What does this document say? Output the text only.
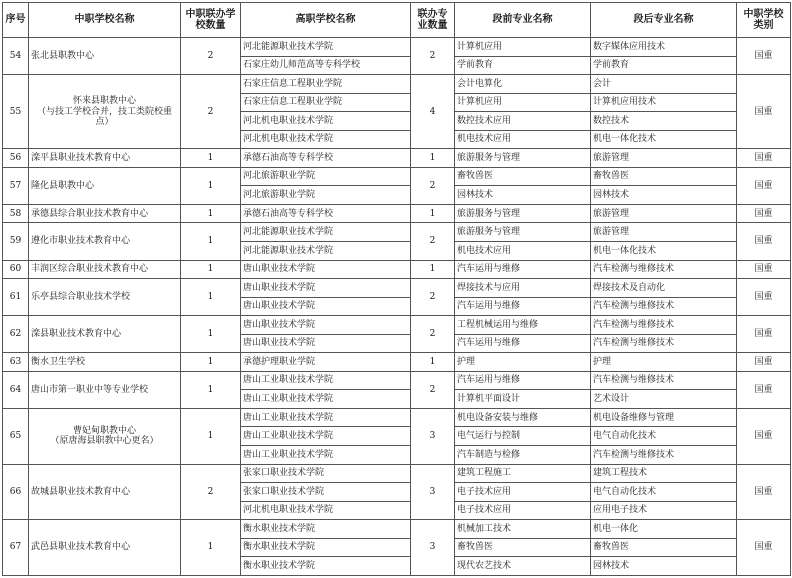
序号	中职学校名称	中职联办学校数量	高职学校名称	联办专业数量	段前专业名称	段后专业名称	中职学校类别
54	张北县职教中心	2	河北能源职业技术学院	2	计算机应用	数字媒体应用技术	国重
			石家庄幼儿师范高等专科学校		学前教育	学前教育	
55	怀来县职教中心
（与技工学校合并，技工类院校重点）	2	石家庄信息工程职业学院	4	会计电算化	会计	国重
			石家庄信息工程职业学院		计算机应用	计算机应用技术	
			河北机电职业技术学院		数控技术应用	数控技术	
			河北机电职业技术学院		机电技术应用	机电一体化技术	
56	滦平县职业技术教育中心	1	承德石油高等专科学校	1	旅游服务与管理	旅游管理	国重
57	隆化县职教中心	1	河北旅游职业学院	2	畜牧兽医	畜牧兽医	国重
			河北旅游职业学院		园林技术	园林技术	
58	承德县综合职业技术教育中心	1	承德石油高等专科学校	1	旅游服务与管理	旅游管理	国重
59	遵化市职业技术教育中心	1	河北能源职业技术学院	2	旅游服务与管理	旅游管理	国重
			河北能源职业技术学院		机电技术应用	机电一体化技术	
60	丰润区综合职业技术教育中心	1	唐山职业技术学院	1	汽车运用与维修	汽车检测与维修技术	国重
61	乐亭县综合职业技术学校	1	唐山职业技术学院	2	焊接技术与应用	焊接技术及自动化	国重
			唐山职业技术学院		汽车运用与维修	汽车检测与维修技术	
62	滦县职业技术教育中心	1	唐山职业技术学院	2	工程机械运用与维修	汽车检测与维修技术	国重
			唐山职业技术学院		汽车运用与维修	汽车检测与维修技术	
63	衡水卫生学校	1	承德护理职业学院	1	护理	护理	国重
64	唐山市第一职业中等专业学校	1	唐山工业职业技术学院	2	汽车运用与维修	汽车检测与维修技术	国重
			唐山工业职业技术学院		计算机平面设计	艺术设计	
65	曹妃甸职教中心
（原唐海县职教中心更名）	1	唐山工业职业技术学院	3	机电设备安装与维修	机电设备维修与管理	国重
			唐山工业职业技术学院		电气运行与控制	电气自动化技术	
			唐山工业职业技术学院		汽车制造与检修	汽车检测与维修技术	
66	故城县职业技术教育中心	2	张家口职业技术学院	3	建筑工程施工	建筑工程技术	国重
			张家口职业技术学院		电子技术应用	电气自动化技术	
			河北机电职业技术学院		电子技术应用	应用电子技术	
67	武邑县职业技术教育中心	1	衡水职业技术学院	3	机械加工技术	机电一体化	国重
			衡水职业技术学院		畜牧兽医	畜牧兽医	
			衡水职业技术学院		现代农艺技术	园林技术	
